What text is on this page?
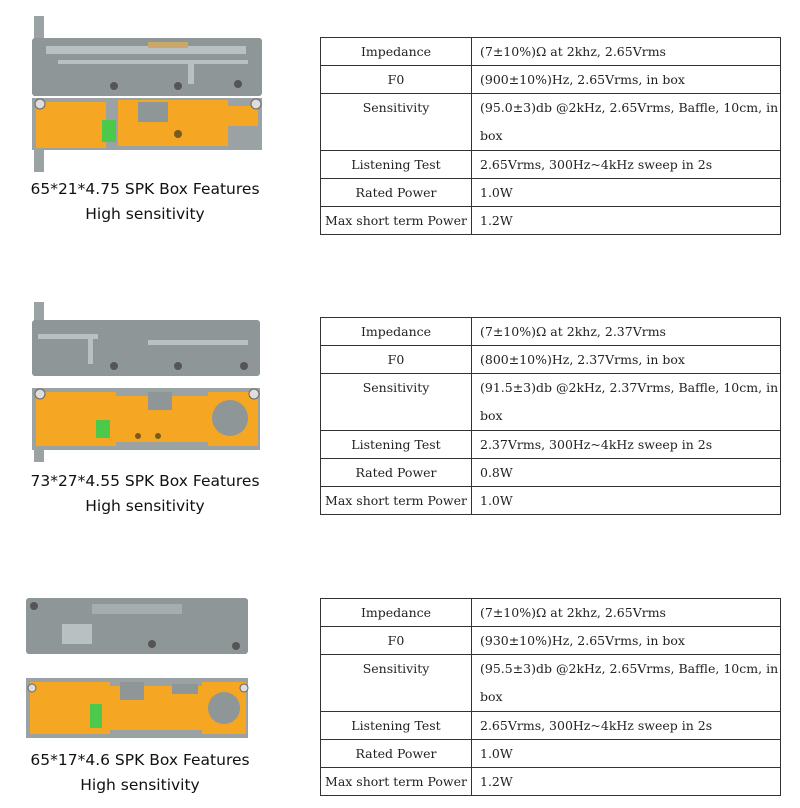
65*21*4.75 SPK Box Features
High sensitivity
Impedance	(7±10%)Ω at 2khz, 2.65Vrms
F0	(900±10%)Hz, 2.65Vrms, in box
Sensitivity	(95.0±3)db @2kHz, 2.65Vrms, Baffle, 10cm, in box
Listening Test	2.65Vrms, 300Hz~4kHz sweep in 2s
Rated Power	1.0W
Max short term Power	1.2W
73*27*4.55 SPK Box Features
High sensitivity
Impedance	(7±10%)Ω at 2khz, 2.37Vrms
F0	(800±10%)Hz, 2.37Vrms, in box
Sensitivity	(91.5±3)db @2kHz, 2.37Vrms, Baffle, 10cm, in box
Listening Test	2.37Vrms, 300Hz~4kHz sweep in 2s
Rated Power	0.8W
Max short term Power	1.0W
65*17*4.6 SPK Box Features
High sensitivity
Impedance	(7±10%)Ω at 2khz, 2.65Vrms
F0	(930±10%)Hz, 2.65Vrms, in box
Sensitivity	(95.5±3)db @2kHz, 2.65Vrms, Baffle, 10cm, in box
Listening Test	2.65Vrms, 300Hz~4kHz sweep in 2s
Rated Power	1.0W
Max short term Power	1.2W
